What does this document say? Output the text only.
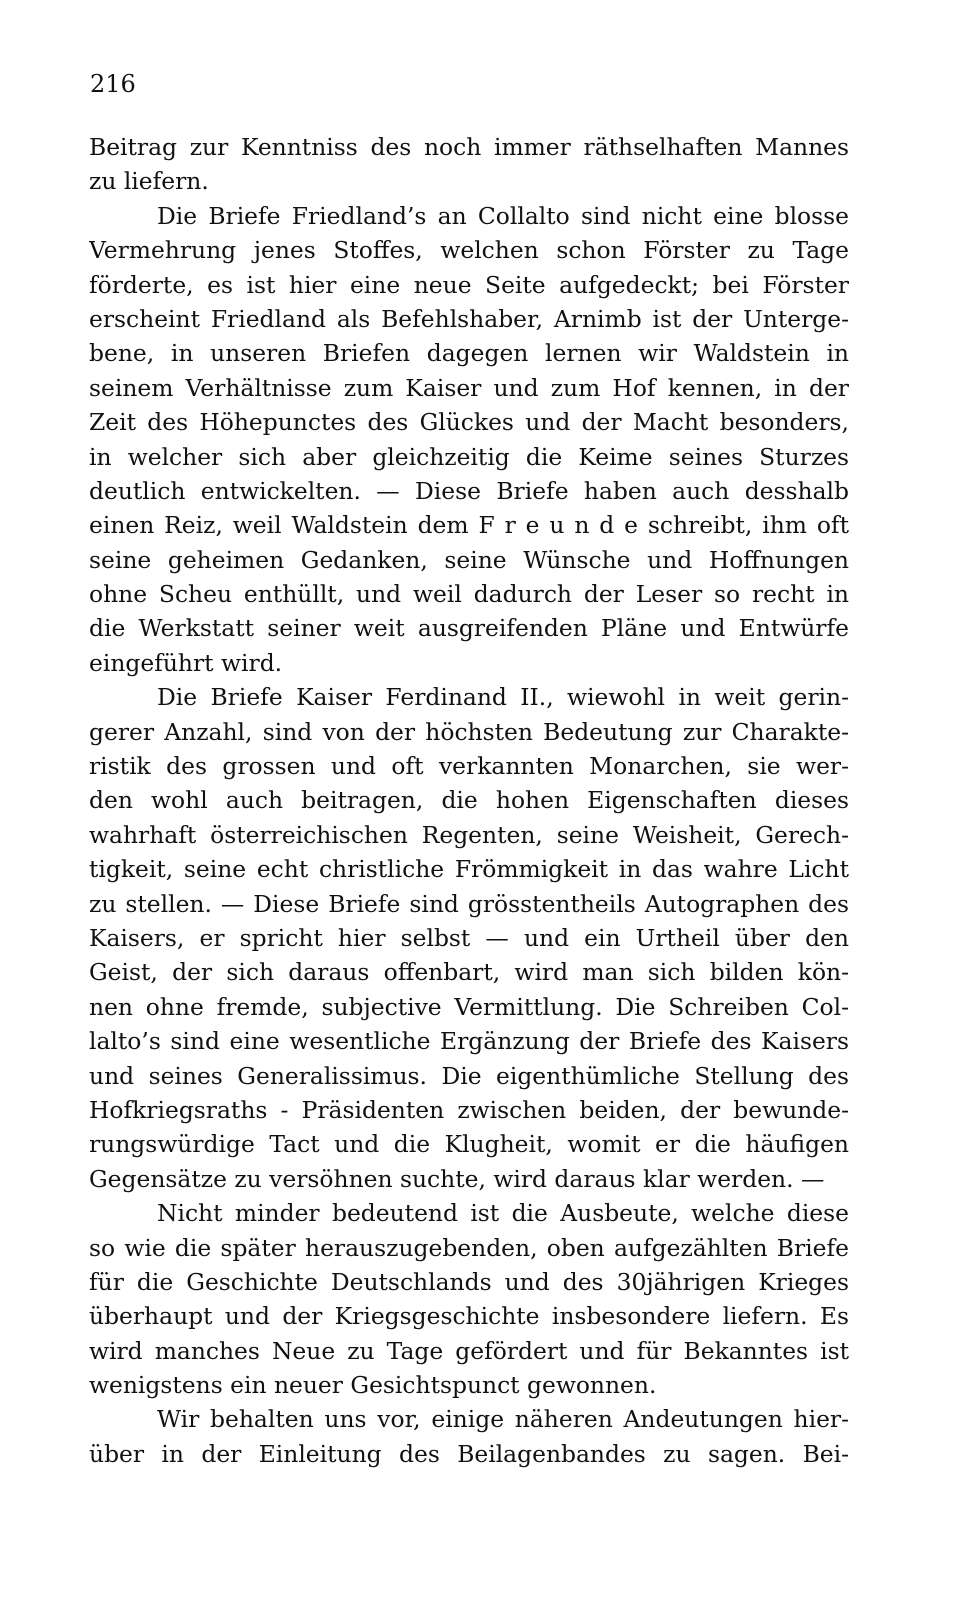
216
Beitrag zur Kenntniss des noch immer räthselhaften Mannes
zu liefern.
Die Briefe Friedland’s an Collalto sind nicht eine blosse
Vermehrung jenes Stoffes, welchen schon Förster zu Tage
förderte, es ist hier eine neue Seite aufgedeckt; bei Förster
erscheint Friedland als Befehlshaber, Arnimb ist der Unterge-
bene, in unseren Briefen dagegen lernen wir Waldstein in
seinem Verhältnisse zum Kaiser und zum Hof kennen, in der
Zeit des Höhepunctes des Glückes und der Macht besonders,
in welcher sich aber gleichzeitig die Keime seines Sturzes
deutlich entwickelten. — Diese Briefe haben auch desshalb
einen Reiz, weil Waldstein dem F r e u n d e schreibt, ihm oft
seine geheimen Gedanken, seine Wünsche und Hoffnungen
ohne Scheu enthüllt, und weil dadurch der Leser so recht in
die Werkstatt seiner weit ausgreifenden Pläne und Entwürfe
eingeführt wird.
Die Briefe Kaiser Ferdinand II., wiewohl in weit gerin-
gerer Anzahl, sind von der höchsten Bedeutung zur Charakte-
ristik des grossen und oft verkannten Monarchen, sie wer-
den wohl auch beitragen, die hohen Eigenschaften dieses
wahrhaft österreichischen Regenten, seine Weisheit, Gerech-
tigkeit, seine echt christliche Frömmigkeit in das wahre Licht
zu stellen. — Diese Briefe sind grösstentheils Autographen des
Kaisers, er spricht hier selbst — und ein Urtheil über den
Geist, der sich daraus offenbart, wird man sich bilden kön-
nen ohne fremde, subjective Vermittlung. Die Schreiben Col-
lalto’s sind eine wesentliche Ergänzung der Briefe des Kaisers
und seines Generalissimus. Die eigenthümliche Stellung des
Hofkriegsraths - Präsidenten zwischen beiden, der bewunde-
rungswürdige Tact und die Klugheit, womit er die häufigen
Gegensätze zu versöhnen suchte, wird daraus klar werden. —
Nicht minder bedeutend ist die Ausbeute, welche diese
so wie die später herauszugebenden, oben aufgezählten Briefe
für die Geschichte Deutschlands und des 30jährigen Krieges
überhaupt und der Kriegsgeschichte insbesondere liefern. Es
wird manches Neue zu Tage gefördert und für Bekanntes ist
wenigstens ein neuer Gesichtspunct gewonnen.
Wir behalten uns vor, einige näheren Andeutungen hier-
über in der Einleitung des Beilagenbandes zu sagen. Bei-
